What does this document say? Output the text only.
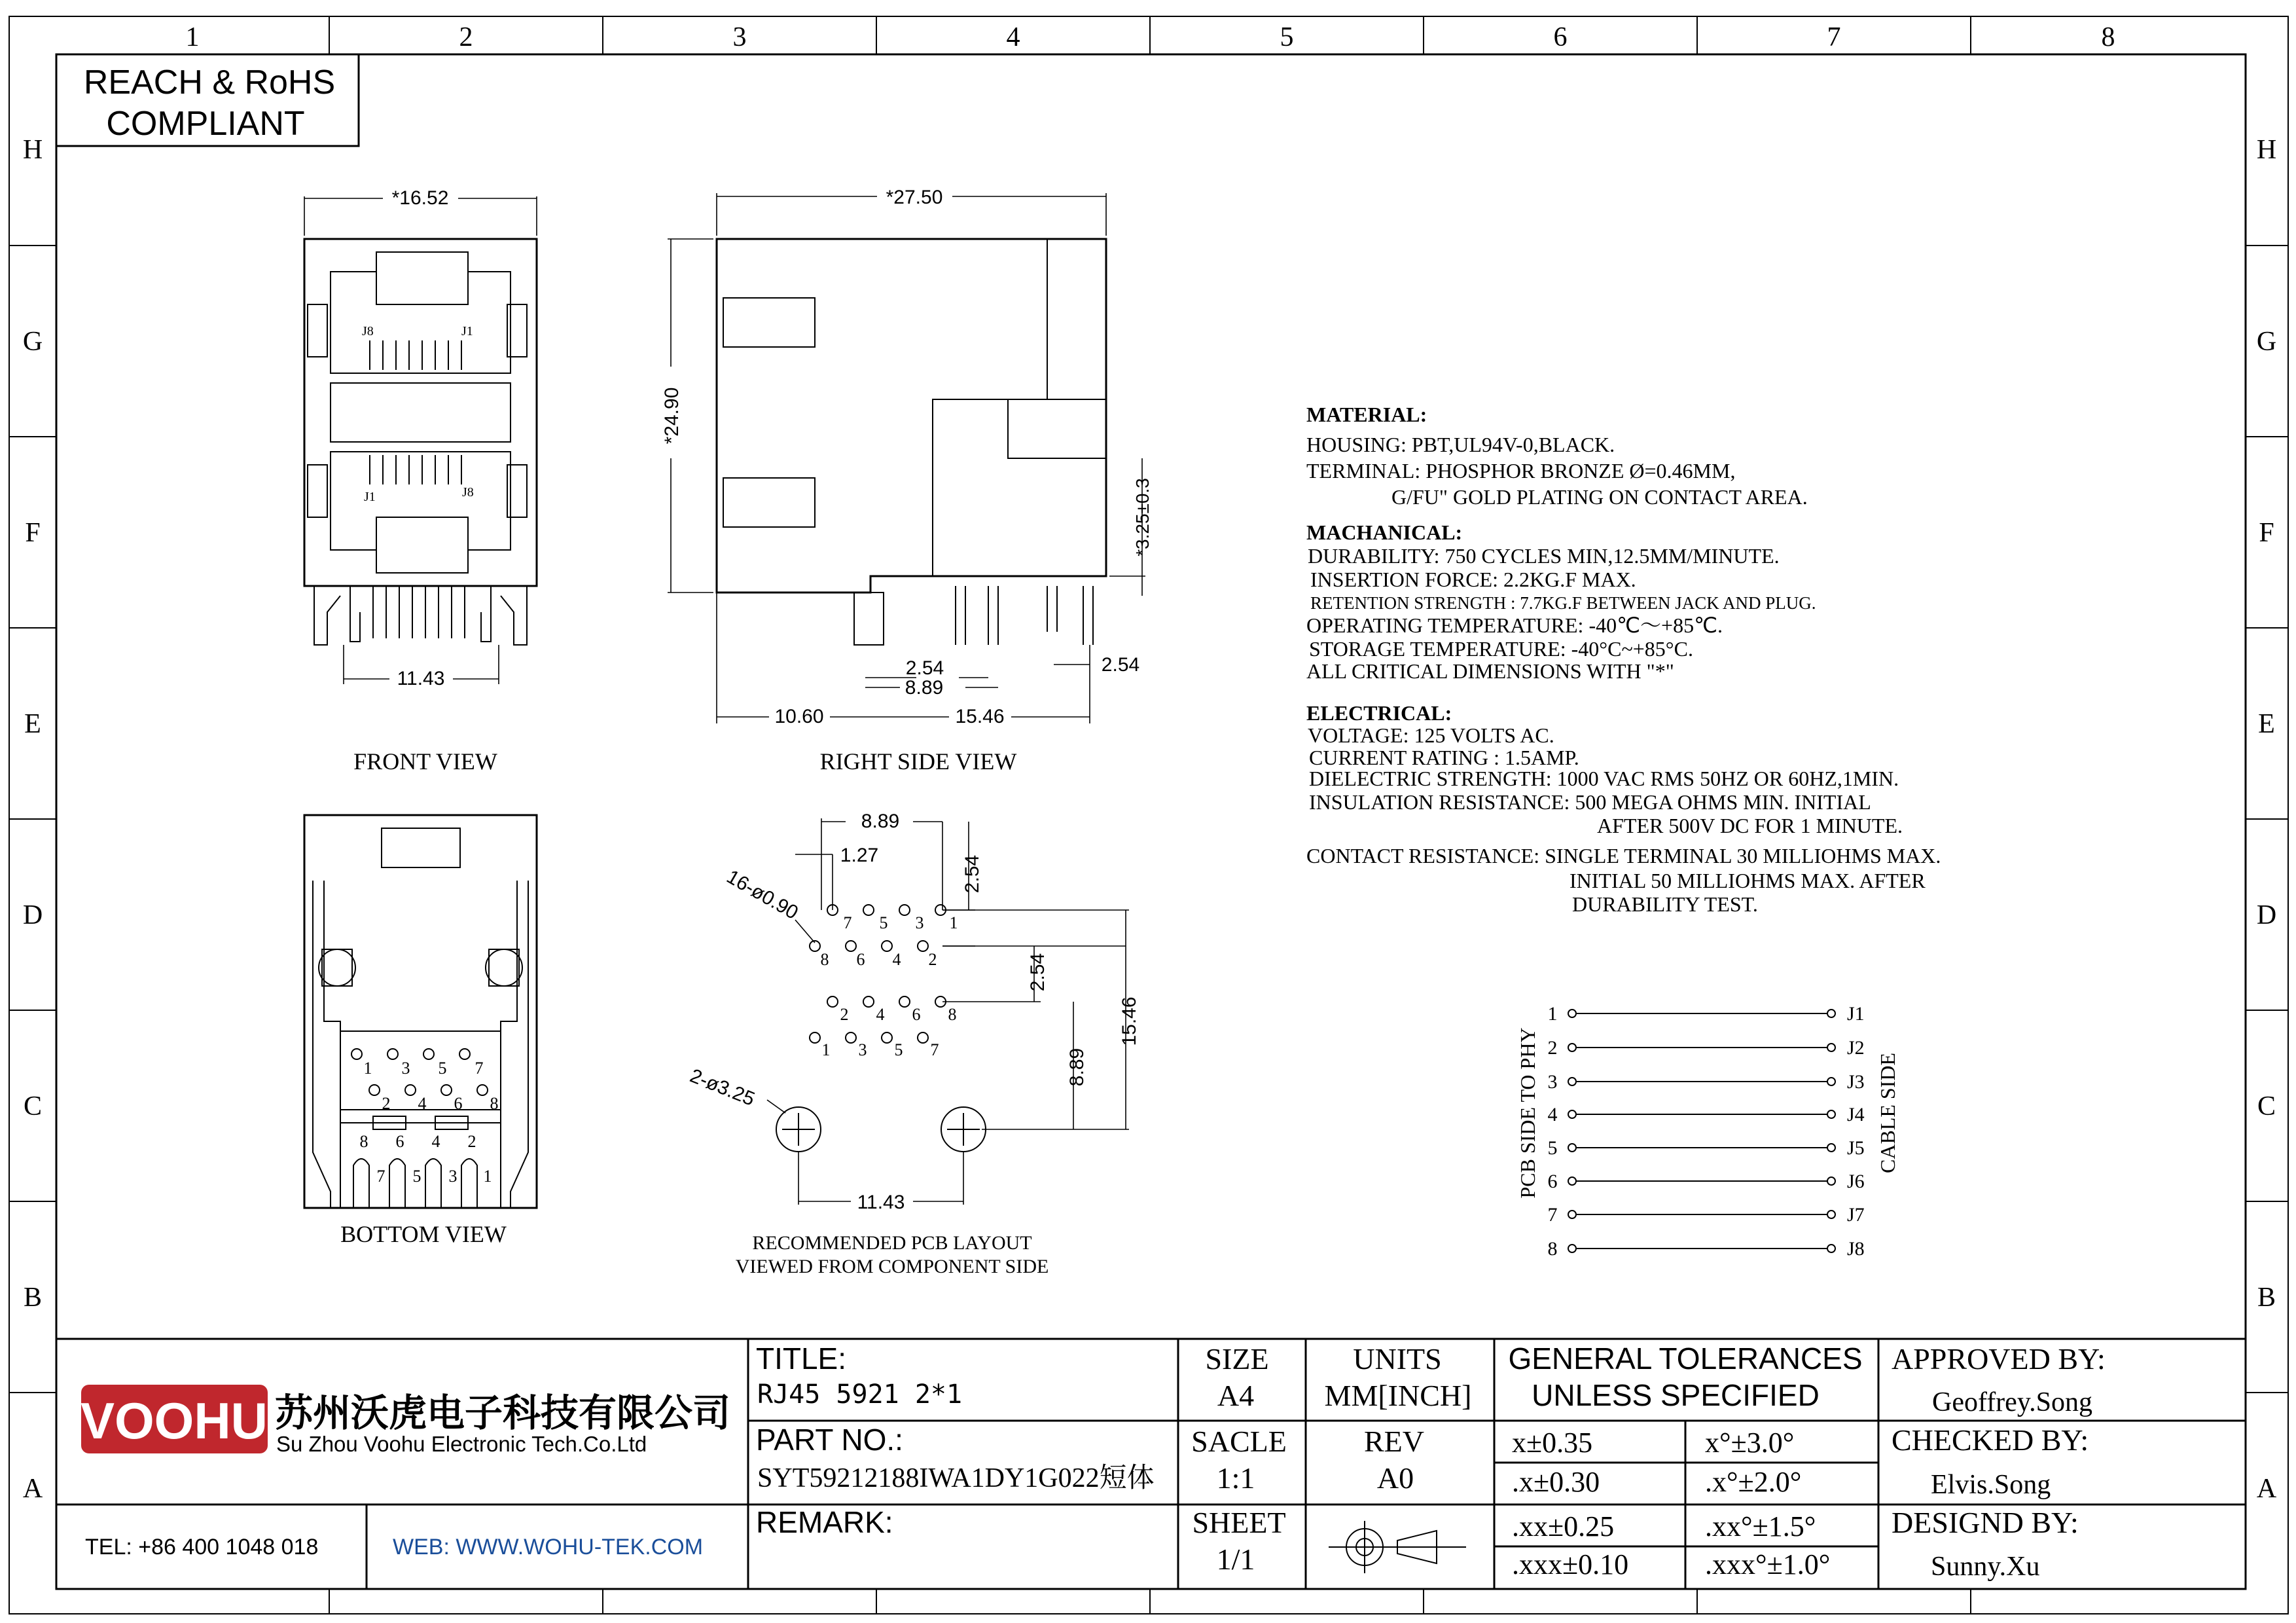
1	2	3	4	5	6	7	8
H
G
F
E
D
C
B
A
H
G
F
E
D
C
B
A
REACH & RoHS
COMPLIANT
*16.52
11.43
J8	J1
J1	J8
FRONT VIEW
*27.50
*24.90
*3.25±0.3
2.54
8.89
2.54
10.60	15.46
RIGHT SIDE VIEW
1 3 5 7
2 4 6 8
8 6 4 2
7 5 3 1
BOTTOM VIEW
8.89
1.27	2.54
16-ø0.90
2.54
15.46
8.89
2-ø3.25
11.43
7 5 3 1
8 6 4 2
2 4 6 8
1 3 5 7
RECOMMENDED PCB LAYOUT
VIEWED FROM COMPONENT SIDE
MATERIAL:
HOUSING: PBT,UL94V-0,BLACK.
TERMINAL: PHOSPHOR BRONZE Ø=0.46MM,
G/FU" GOLD PLATING ON CONTACT AREA.
MACHANICAL:
DURABILITY: 750 CYCLES MIN,12.5MM/MINUTE.
INSERTION FORCE: 2.2KG.F MAX.
RETENTION STRENGTH : 7.7KG.F BETWEEN JACK AND PLUG.
OPERATING TEMPERATURE: -40℃～+85℃.
STORAGE TEMPERATURE: -40°C~+85°C.
ALL CRITICAL DIMENSIONS WITH "*"
ELECTRICAL:
VOLTAGE: 125 VOLTS AC.
CURRENT RATING : 1.5AMP.
DIELECTRIC STRENGTH: 1000 VAC RMS 50HZ OR 60HZ,1MIN.
INSULATION RESISTANCE: 500 MEGA OHMS MIN. INITIAL
AFTER 500V DC FOR 1 MINUTE.
CONTACT RESISTANCE: SINGLE TERMINAL 30 MILLIOHMS MAX.
INITIAL 50 MILLIOHMS MAX. AFTER
DURABILITY TEST.
1
2
3
4
5
6
7
8
J1
J2
J3
J4
J5
J6
J7
J8
PCB SIDE TO PHY	CABLE SIDE
VOOHU 苏州沃虎电子科技有限公司
Su Zhou Voohu Electronic Tech.Co.Ltd
TEL: +86 400 1048 018	WEB: WWW.WOHU-TEK.COM
TITLE:
RJ45 5921 2*1
PART NO.:
SYT59212188IWA1DY1G022短体
REMARK:
SIZE
A4
SACLE
1:1
SHEET
1/1
UNITS
MM[INCH]
REV
A0
GENERAL TOLERANCES
UNLESS SPECIFIED
x±0.35	x°±3.0°
.x±0.30	.x°±2.0°
.xx±0.25	.xx°±1.5°
.xxx±0.10	.xxx°±1.0°
APPROVED BY:
Geoffrey.Song
CHECKED BY:
Elvis.Song
DESIGND BY:
Sunny.Xu
